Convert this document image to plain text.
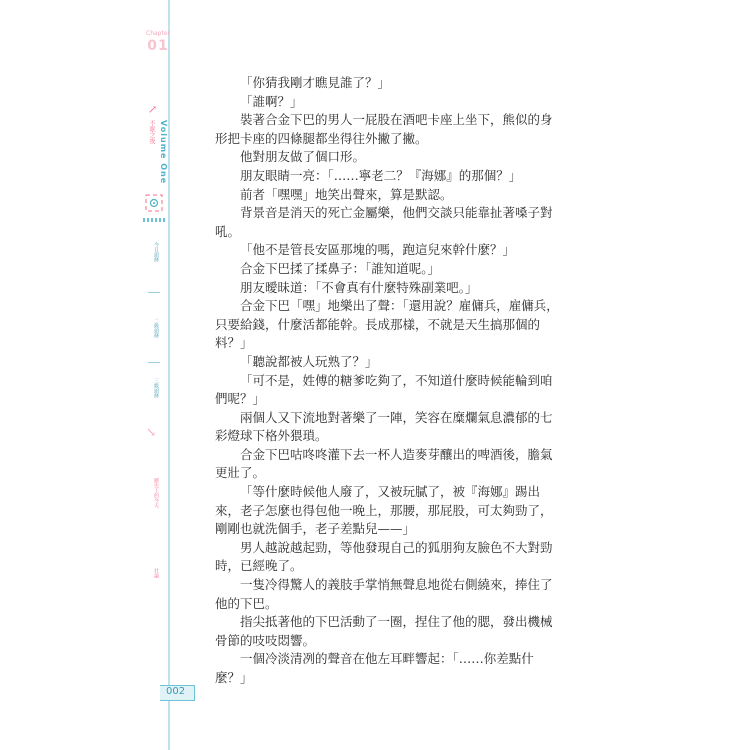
Chapter
01
↗
不眠之夜 Volume One
今日頭條
二級頭條
三級頭條
↘
歷史上的今天
社論
002

「你猜我剛才瞧見誰了？」

「誰啊？」

裝著合金下巴的男人一屁股在酒吧卡座上坐下，熊似的身形把卡座的四條腿都坐得往外撇了撇。

他對朋友做了個口形。

朋友眼睛一亮：「……寧老二？『海娜』的那個？」

前者「嘿嘿」地笑出聲來，算是默認。

背景音是消天的死亡金屬樂，他們交談只能靠扯著嗓子對吼。

「他不是管長安區那塊的嗎，跑這兒來幹什麼？」

合金下巴揉了揉鼻子：「誰知道呢。」

朋友曖昧道：「不會真有什麼特殊副業吧。」

合金下巴「嘿」地樂出了聲：「還用說？雇傭兵，雇傭兵，只要給錢，什麼活都能幹。長成那樣，不就是天生搞那個的料？」

「聽說都被人玩熟了？」

「可不是，姓傅的糖爹吃夠了，不知道什麼時候能輪到咱們呢？」

兩個人又下流地對著樂了一陣，笑容在糜爛氣息濃郁的七彩燈球下格外猥瑣。

合金下巴咕咚咚灌下去一杯人造麥芽釀出的啤酒後，膽氣更壯了。

「等什麼時候他人廢了，又被玩膩了，被『海娜』踢出來，老子怎麼也得包他一晚上，那腰，那屁股，可太夠勁了，剛剛也就洗個手，老子差點兒——」

男人越說越起勁，等他發現自己的狐朋狗友臉色不大對勁時，已經晚了。

一隻冷得驚人的義肢手掌悄無聲息地從右側繞來，捧住了他的下巴。

指尖抵著他的下巴活動了一圈，捏住了他的腮，發出機械骨節的吱吱悶響。

一個冷淡清冽的聲音在他左耳畔響起：「……你差點什麼？」
